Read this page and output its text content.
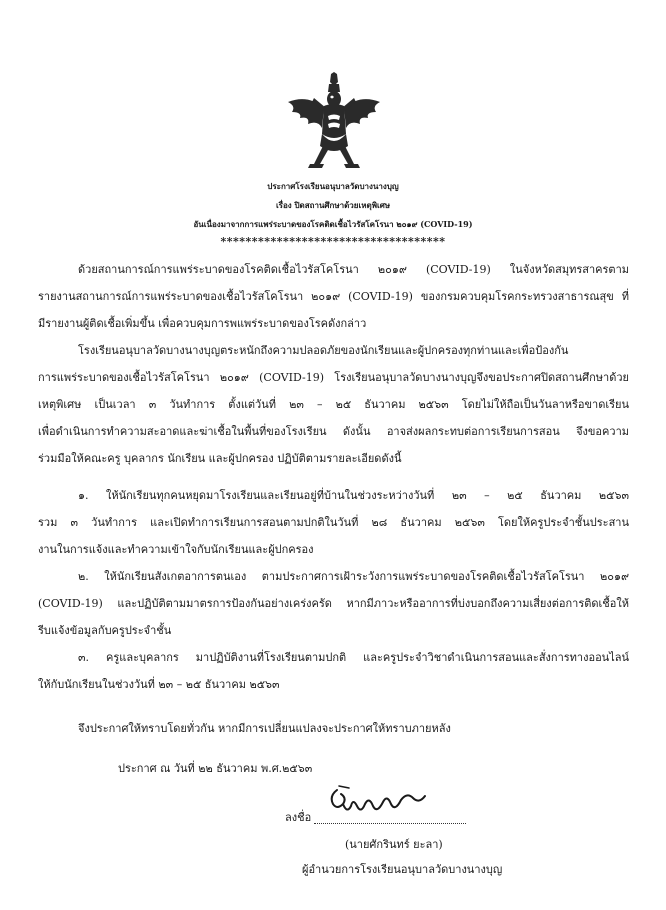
ประกาศโรงเรียนอนุบาลวัดบางนางบุญ
เรื่อง ปิดสถานศึกษาด้วยเหตุพิเศษ
อันเนื่องมาจากการแพร่ระบาดของโรคติดเชื้อไวรัสโคโรนา ๒๐๑๙ (COVID-19)
************************************
ด้วยสถานการณ์การแพร่ระบาดของโรคติดเชื้อไวรัสโคโรนา ๒๐๑๙ (COVID-19) ในจังหวัดสมุทรสาครตาม
รายงานสถานการณ์การแพร่ระบาดของเชื้อไวรัสโคโรนา ๒๐๑๙ (COVID-19) ของกรมควบคุมโรคกระทรวงสาธารณสุข ที่
มีรายงานผู้ติดเชื้อเพิ่มขึ้น เพื่อควบคุมการพแพร่ระบาดของโรคดังกล่าว
โรงเรียนอนุบาลวัดบางนางบุญตระหนักถึงความปลอดภัยของนักเรียนและผู้ปกครองทุกท่านและเพื่อป้องกัน
การแพร่ระบาดของเชื้อไวรัสโคโรนา ๒๐๑๙ (COVID-19) โรงเรียนอนุบาลวัดบางนางบุญจึงขอประกาศปิดสถานศึกษาด้วย
เหตุพิเศษ เป็นเวลา ๓ วันทำการ ตั้งแต่วันที่ ๒๓ – ๒๕ ธันวาคม ๒๕๖๓ โดยไม่ให้ถือเป็นวันลาหรือขาดเรียน
เพื่อดำเนินการทำความสะอาดและฆ่าเชื้อในพื้นที่ของโรงเรียน ดังนั้น อาจส่งผลกระทบต่อการเรียนการสอน จึงขอความ
ร่วมมือให้คณะครู บุคลากร นักเรียน และผู้ปกครอง ปฏิบัติตามรายละเอียดดังนี้
๑. ให้นักเรียนทุกคนหยุดมาโรงเรียนและเรียนอยู่ที่บ้านในช่วงระหว่างวันที่ ๒๓ – ๒๕ ธันวาคม ๒๕๖๓
รวม ๓ วันทำการ และเปิดทำการเรียนการสอนตามปกติในวันที่ ๒๘ ธันวาคม ๒๕๖๓ โดยให้ครูประจำชั้นประสาน
งานในการแจ้งและทำความเข้าใจกับนักเรียนและผู้ปกครอง
๒. ให้นักเรียนสังเกตอาการตนเอง ตามประกาศการเฝ้าระวังการแพร่ระบาดของโรคติดเชื้อไวรัสโคโรนา ๒๐๑๙
(COVID-19) และปฏิบัติตามมาตรการป้องกันอย่างเคร่งครัด หากมีภาวะหรืออาการที่บ่งบอกถึงความเสี่ยงต่อการติดเชื้อให้
รีบแจ้งข้อมูลกับครูประจำชั้น
๓. ครูและบุคลากร มาปฏิบัติงานที่โรงเรียนตามปกติ และครูประจำวิชาดำเนินการสอนและสั่งการทางออนไลน์
ให้กับนักเรียนในช่วงวันที่ ๒๓ – ๒๕ ธันวาคม ๒๕๖๓
จึงประกาศให้ทราบโดยทั่วกัน หากมีการเปลี่ยนแปลงจะประกาศให้ทราบภายหลัง
ประกาศ ณ วันที่ ๒๒ ธันวาคม พ.ศ.๒๕๖๓
ลงชื่อ
(นายศักรินทร์ ยะลา)
ผู้อำนวยการโรงเรียนอนุบาลวัดบางนางบุญ
